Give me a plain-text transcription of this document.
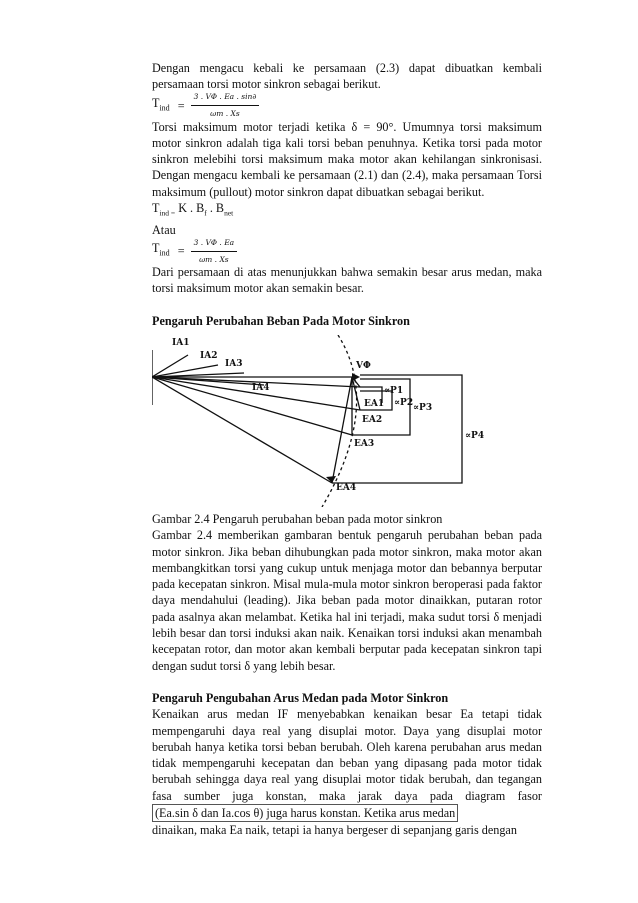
Dengan mengacu kebali ke persamaan (2.3) dapat dibuatkan kembali persamaan torsi motor sinkron sebagai berikut.

$T_{ind} = \frac{3 . V\Phi . Ea . \sin\partial}{\omega m . Xs}$

Torsi maksimum motor terjadi ketika δ = 90°. Umumnya torsi maksimum motor sinkron adalah tiga kali torsi beban penuhnya. Ketika torsi pada motor sinkron melebihi torsi maksimum maka motor akan kehilangan sinkronisasi. Dengan mengacu kembali ke persamaan (2.1) dan (2.4), maka persamaan Torsi maksimum (pullout) motor sinkron dapat dibuatkan sebagai berikut.

$T_{ind =}$ K . $B_f$ . $B_{net}$

Atau

$T_{ind} = \frac{3 . V\Phi . Ea}{\omega m . Xs}$

Dari persamaan di atas menunjukkan bahwa semakin besar arus medan, maka torsi maksimum motor akan semakin besar.

Pengaruh Perubahan Beban Pada Motor Sinkron

IA1
IA2
IA3
IA4
VΦ
EA1
EA2
EA3
EA4
∝P1
∝P2 ∝P3
∝P4

Gambar 2.4 Pengaruh perubahan beban pada motor sinkron

Gambar 2.4 memberikan gambaran bentuk pengaruh perubahan beban pada motor sinkron. Jika beban dihubungkan pada motor sinkron, maka motor akan membangkitkan torsi yang cukup untuk menjaga motor dan bebannya berputar pada kecepatan sinkron. Misal mula-mula motor sinkron beroperasi pada faktor daya mendahului (leading). Jika beban pada motor dinaikkan, putaran rotor pada asalnya akan melambat. Ketika hal ini terjadi, maka sudut torsi δ menjadi lebih besar dan torsi induksi akan naik. Kenaikan torsi induksi akan menambah kecepatan rotor, dan motor akan kembali berputar pada kecepatan sinkron tapi dengan sudut torsi δ yang lebih besar.

Pengaruh Pengubahan Arus Medan pada Motor Sinkron

Kenaikan arus medan IF menyebabkan kenaikan besar Ea tetapi tidak mempengaruhi daya real yang disuplai motor. Daya yang disuplai motor berubah hanya ketika torsi beban berubah. Oleh karena perubahan arus medan tidak mempengaruhi kecepatan dan beban yang dipasang pada motor tidak berubah sehingga daya real yang disuplai motor tidak berubah, dan tegangan fasa sumber juga konstan, maka jarak daya pada diagram fasor (Ea.sin δ dan Ia.cos θ) juga harus konstan. Ketika arus medan

dinaikan, maka Ea naik, tetapi ia hanya bergeser di sepanjang garis dengan
